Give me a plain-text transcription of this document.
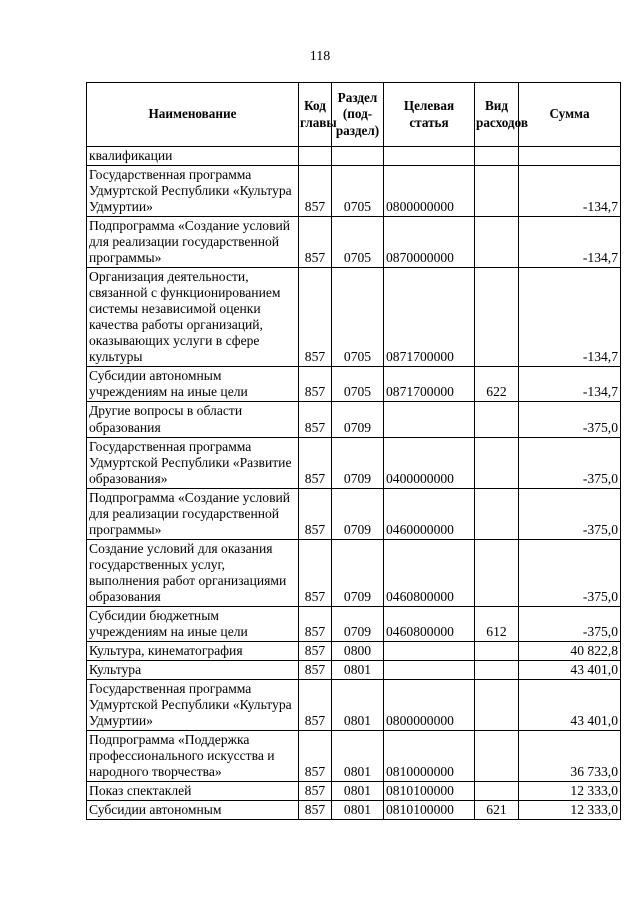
118
Наименование	Код главы	Раздел (под-раздел)	Целевая статья	Вид расходов	Сумма
квалификации					
Государственная программа Удмуртской Республики «Культура Удмуртии»	857	0705	0800000000		-134,7
Подпрограмма «Создание условий для реализации государственной программы»	857	0705	0870000000		-134,7
Организация деятельности, связанной с функционированием системы независимой оценки качества работы организаций, оказывающих услуги в сфере культуры	857	0705	0871700000		-134,7
Субсидии автономным учреждениям на иные цели	857	0705	0871700000	622	-134,7
Другие вопросы в области образования	857	0709			-375,0
Государственная программа Удмуртской Республики «Развитие образования»	857	0709	0400000000		-375,0
Подпрограмма «Создание условий для реализации государственной программы»	857	0709	0460000000		-375,0
Создание условий для оказания государственных услуг, выполнения работ организациями образования	857	0709	0460800000		-375,0
Субсидии бюджетным учреждениям на иные цели	857	0709	0460800000	612	-375,0
Культура, кинематография	857	0800			40 822,8
Культура	857	0801			43 401,0
Государственная программа Удмуртской Республики «Культура Удмуртии»	857	0801	0800000000		43 401,0
Подпрограмма «Поддержка профессионального искусства и народного творчества»	857	0801	0810000000		36 733,0
Показ спектаклей	857	0801	0810100000		12 333,0
Субсидии автономным	857	0801	0810100000	621	12 333,0
